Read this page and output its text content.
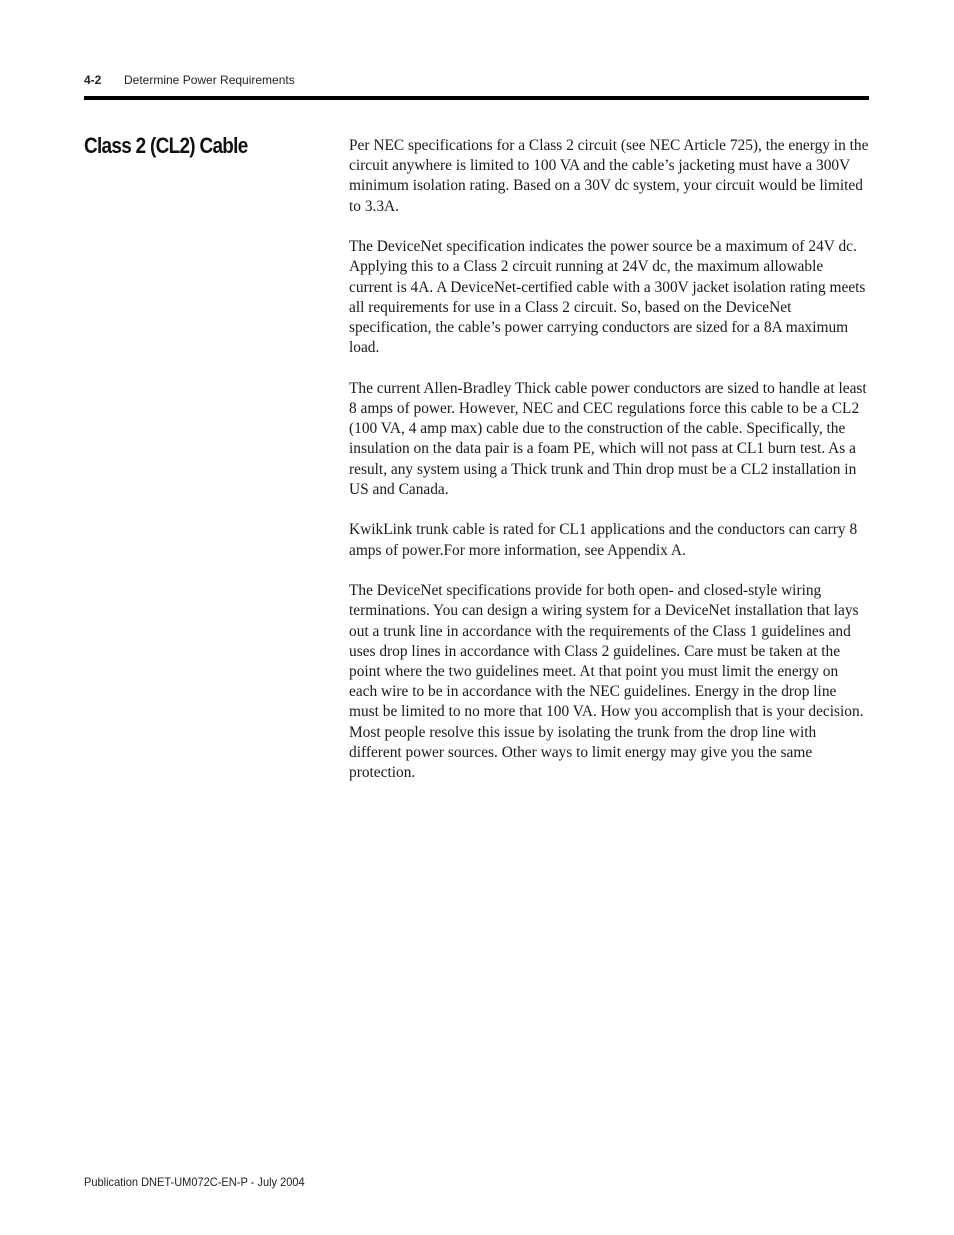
4-2 Determine Power Requirements
Class 2 (CL2) Cable	Per NEC specifications for a Class 2 circuit (see NEC Article 725), the energy in the circuit anywhere is limited to 100 VA and the cable’s jacketing must have a 300V minimum isolation rating. Based on a 30V dc system, your circuit would be limited to 3.3A.

The DeviceNet specification indicates the power source be a maximum of 24V dc. Applying this to a Class 2 circuit running at 24V dc, the maximum allowable current is 4A. A DeviceNet-certified cable with a 300V jacket isolation rating meets all requirements for use in a Class 2 circuit. So, based on the DeviceNet specification, the cable’s power carrying conductors are sized for a 8A maximum load.

The current Allen-Bradley Thick cable power conductors are sized to handle at least 8 amps of power. However, NEC and CEC regulations force this cable to be a CL2 (100 VA, 4 amp max) cable due to the construction of the cable. Specifically, the insulation on the data pair is a foam PE, which will not pass at CL1 burn test. As a result, any system using a Thick trunk and Thin drop must be a CL2 installation in US and Canada.

KwikLink trunk cable is rated for CL1 applications and the conductors can carry 8 amps of power.For more information, see Appendix A.

The DeviceNet specifications provide for both open- and closed-style wiring terminations. You can design a wiring system for a DeviceNet installation that lays out a trunk line in accordance with the requirements of the Class 1 guidelines and uses drop lines in accordance with Class 2 guidelines. Care must be taken at the point where the two guidelines meet. At that point you must limit the energy on each wire to be in accordance with the NEC guidelines. Energy in the drop line must be limited to no more that 100 VA. How you accomplish that is your decision. Most people resolve this issue by isolating the trunk from the drop line with different power sources. Other ways to limit energy may give you the same protection.

Publication DNET-UM072C-EN-P - July 2004
